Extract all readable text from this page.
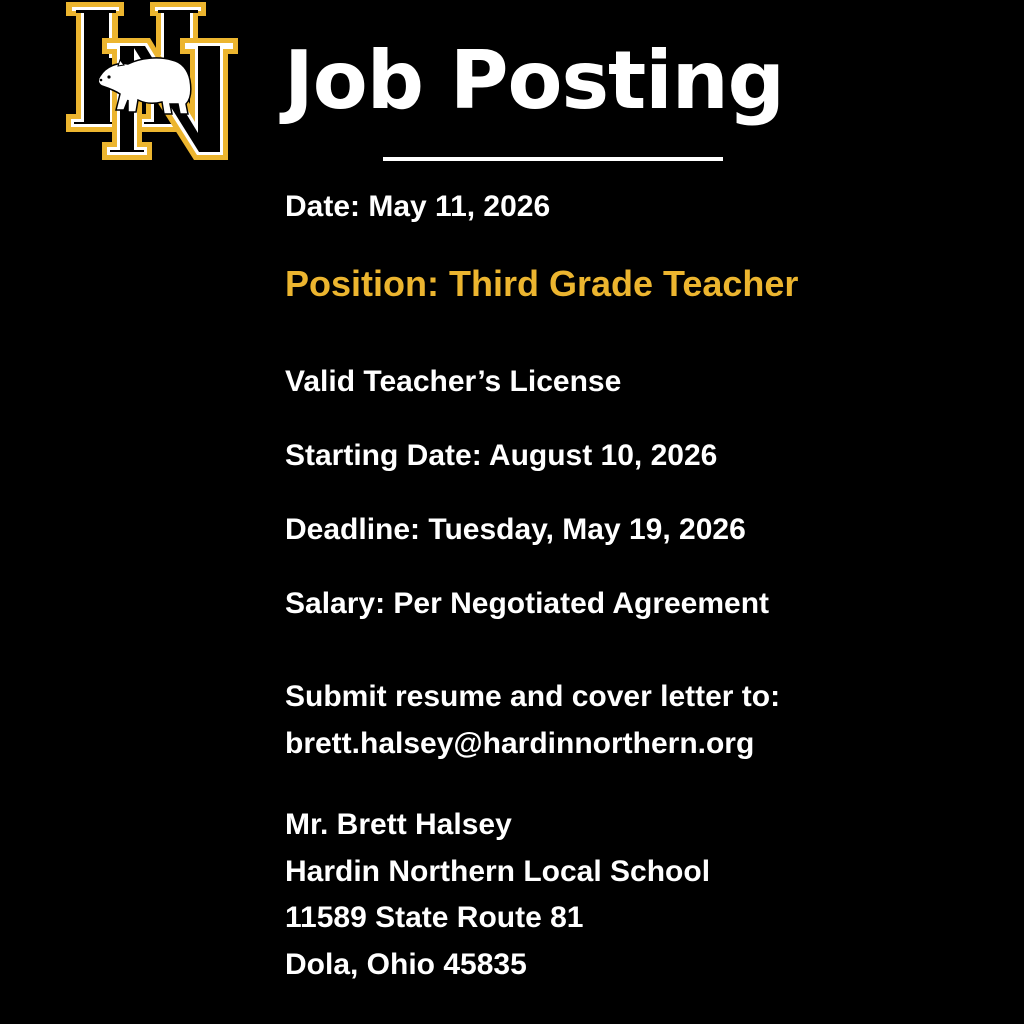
Job Posting

Date: May 11, 2026

Position: Third Grade Teacher

Valid Teacher’s License

Starting Date: August 10, 2026

Deadline: Tuesday, May 19, 2026

Salary: Per Negotiated Agreement

Submit resume and cover letter to:
brett.halsey@hardinnorthern.org
Mr. Brett Halsey
Hardin Northern Local School
11589 State Route 81
Dola, Ohio 45835
